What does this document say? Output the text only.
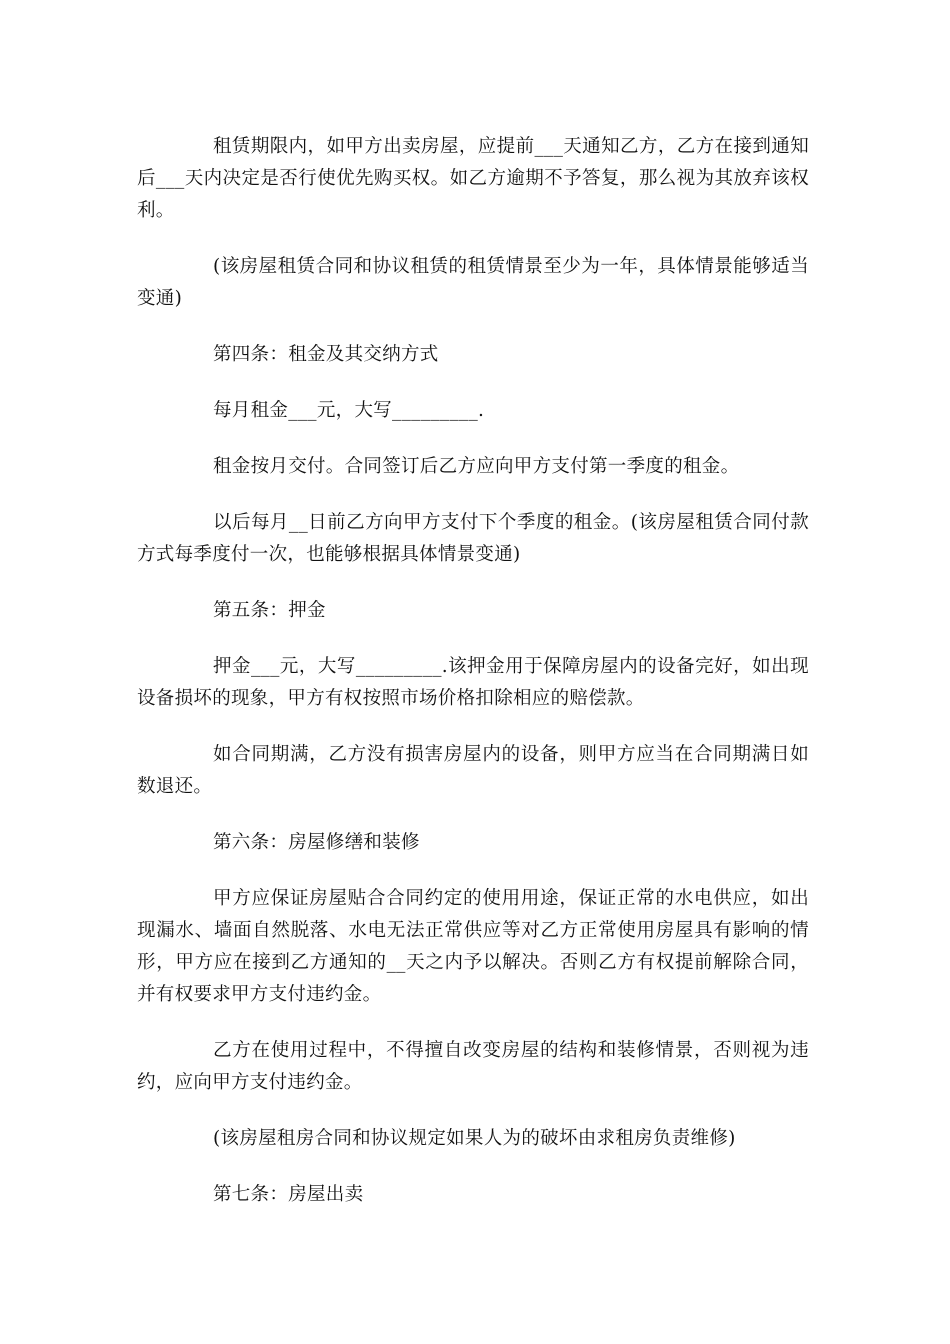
租赁期限内，如甲方出卖房屋，应提前___天通知乙方，乙方在接到通知后___天内决定是否行使优先购买权。如乙方逾期不予答复，那么视为其放弃该权利。

(该房屋租赁合同和协议租赁的租赁情景至少为一年，具体情景能够适当变通)

第四条：租金及其交纳方式

每月租金___元，大写_________.

租金按月交付。合同签订后乙方应向甲方支付第一季度的租金。

以后每月__日前乙方向甲方支付下个季度的租金。(该房屋租赁合同付款方式每季度付一次，也能够根据具体情景变通)

第五条：押金

押金___元，大写_________.该押金用于保障房屋内的设备完好，如出现设备损坏的现象，甲方有权按照市场价格扣除相应的赔偿款。

如合同期满，乙方没有损害房屋内的设备，则甲方应当在合同期满日如数退还。

第六条：房屋修缮和装修

甲方应保证房屋贴合合同约定的使用用途，保证正常的水电供应，如出现漏水、墙面自然脱落、水电无法正常供应等对乙方正常使用房屋具有影响的情形，甲方应在接到乙方通知的__天之内予以解决。否则乙方有权提前解除合同，并有权要求甲方支付违约金。

乙方在使用过程中，不得擅自改变房屋的结构和装修情景，否则视为违约，应向甲方支付违约金。

(该房屋租房合同和协议规定如果人为的破坏由求租房负责维修)

第七条：房屋出卖
